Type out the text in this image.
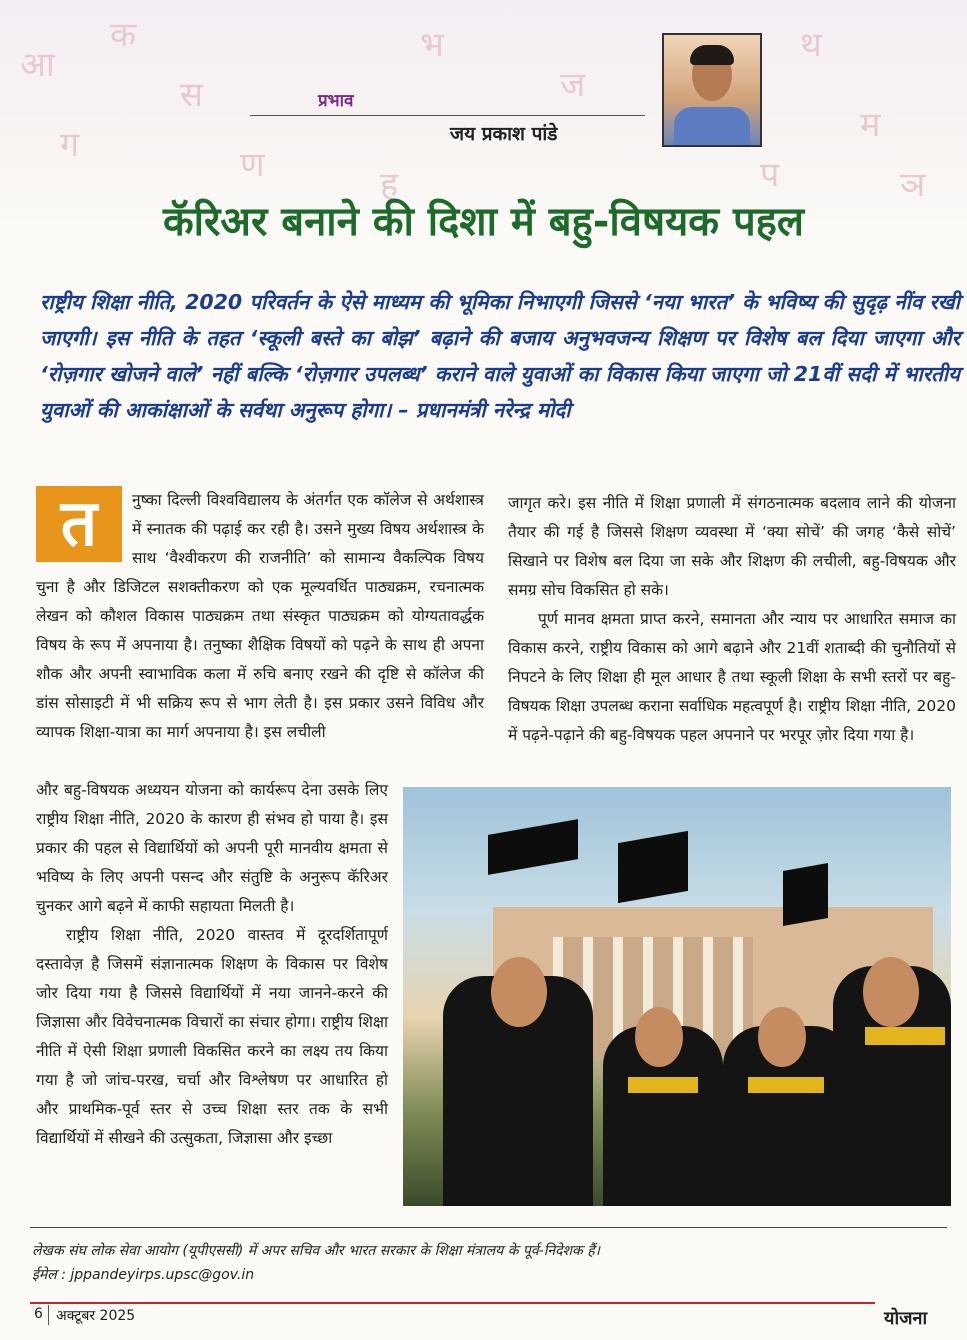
आ
क
ग
स
ण
भ
ज
थ
म
ञ
प
ह
प्रभाव
जय प्रकाश पांडे
कॅरिअर बनाने की दिशा में बहु-विषयक पहल

राष्ट्रीय शिक्षा नीति, 2020 परिवर्तन के ऐसे माध्यम की भूमिका निभाएगी जिससे ‘नया भारत’ के भविष्य की सुदृढ़ नींव रखी जाएगी। इस नीति के तहत ‘स्कूली बस्ते का बोझ’ बढ़ाने की बजाय अनुभवजन्य शिक्षण पर विशेष बल दिया जाएगा और ‘रोज़गार खोजने वाले’ नहीं बल्कि ‘रोज़गार उपलब्ध’ कराने वाले युवाओं का विकास किया जाएगा जो 21वीं सदी में भारतीय युवाओं की आकांक्षाओं के सर्वथा अनुरूप होगा। – प्रधानमंत्री नरेन्द्र मोदी

त	नुष्का दिल्ली विश्वविद्यालय के अंतर्गत एक कॉलेज से अर्थशास्त्र में स्नातक की पढ़ाई कर रही है। उसने मुख्य विषय अर्थशास्त्र के साथ ‘वैश्वीकरण की राजनीति’ को सामान्य वैकल्पिक विषय चुना है और डिजिटल सशक्तीकरण को एक मूल्यवर्धित पाठ्यक्रम, रचनात्मक लेखन को कौशल विकास पाठ्यक्रम तथा संस्कृत पाठ्यक्रम को योग्यतावर्द्धक विषय के रूप में अपनाया है। तनुष्का शैक्षिक विषयों को पढ़ने के साथ ही अपना शौक और अपनी स्वाभाविक कला में रुचि बनाए रखने की दृष्टि से कॉलेज की डांस सोसाइटी में भी सक्रिय रूप से भाग लेती है। इस प्रकार उसने विविध और व्यापक शिक्षा-यात्रा का मार्ग अपनाया है। इस लचीली

और बहु-विषयक अध्ययन योजना को कार्यरूप देना उसके लिए राष्ट्रीय शिक्षा नीति, 2020 के कारण ही संभव हो पाया है। इस प्रकार की पहल से विद्यार्थियों को अपनी पूरी मानवीय क्षमता से भविष्य के लिए अपनी पसन्द और संतुष्टि के अनुरूप कॅरिअर चुनकर आगे बढ़ने में काफी सहायता मिलती है।

राष्ट्रीय शिक्षा नीति, 2020 वास्तव में दूरदर्शितापूर्ण दस्तावेज़ है जिसमें संज्ञानात्मक शिक्षण के विकास पर विशेष जोर दिया गया है जिससे विद्यार्थियों में नया जानने-करने की जिज्ञासा और विवेचनात्मक विचारों का संचार होगा। राष्ट्रीय शिक्षा नीति में ऐसी शिक्षा प्रणाली विकसित करने का लक्ष्य तय किया गया है जो जांच-परख, चर्चा और विश्लेषण पर आधारित हो और प्राथमिक-पूर्व स्तर से उच्च शिक्षा स्तर तक के सभी विद्यार्थियों में सीखने की उत्सुकता, जिज्ञासा और इच्छा

जागृत करे। इस नीति में शिक्षा प्रणाली में संगठनात्मक बदलाव लाने की योजना तैयार की गई है जिससे शिक्षण व्यवस्था में ‘क्या सोचें’ की जगह ‘कैसे सोचें’ सिखाने पर विशेष बल दिया जा सके और शिक्षण की लचीली, बहु-विषयक और समग्र सोच विकसित हो सके।

पूर्ण मानव क्षमता प्राप्त करने, समानता और न्याय पर आधारित समाज का विकास करने, राष्ट्रीय विकास को आगे बढ़ाने और 21वीं शताब्दी की चुनौतियों से निपटने के लिए शिक्षा ही मूल आधार है तथा स्कूली शिक्षा के सभी स्तरों पर बहु-विषयक शिक्षा उपलब्ध कराना सर्वाधिक महत्वपूर्ण है। राष्ट्रीय शिक्षा नीति, 2020 में पढ़ने-पढ़ाने की बहु-विषयक पहल अपनाने पर भरपूर ज़ोर दिया गया है।

लेखक संघ लोक सेवा आयोग (यूपीएससी) में अपर सचिव और भारत सरकार के शिक्षा मंत्रालय के पूर्व-निदेशक हैं।
ईमेल : jppandeyirps.upsc@gov.in
6 अक्टूबर 2025	योजना
